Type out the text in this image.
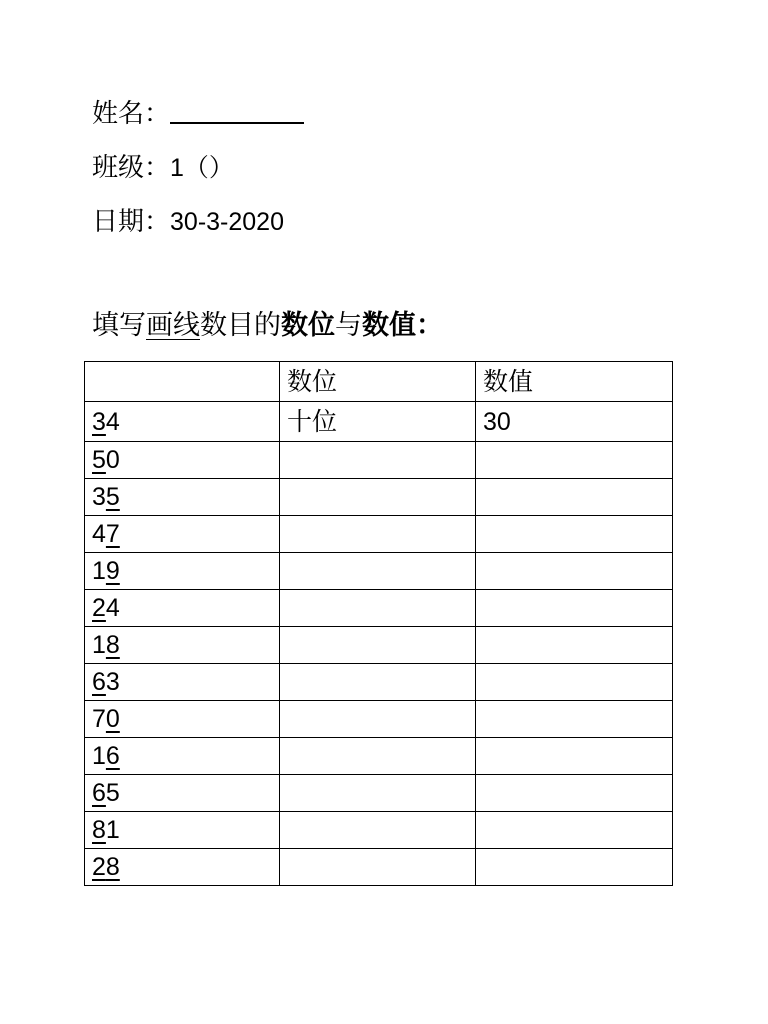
姓名：
班级：1（）
日期：30-3-2020
填写画线数目的数位与数值：
	数位	数值
34	十位	30
50		
35		
47		
19		
24		
18		
63		
70		
16		
65		
81		
28		
